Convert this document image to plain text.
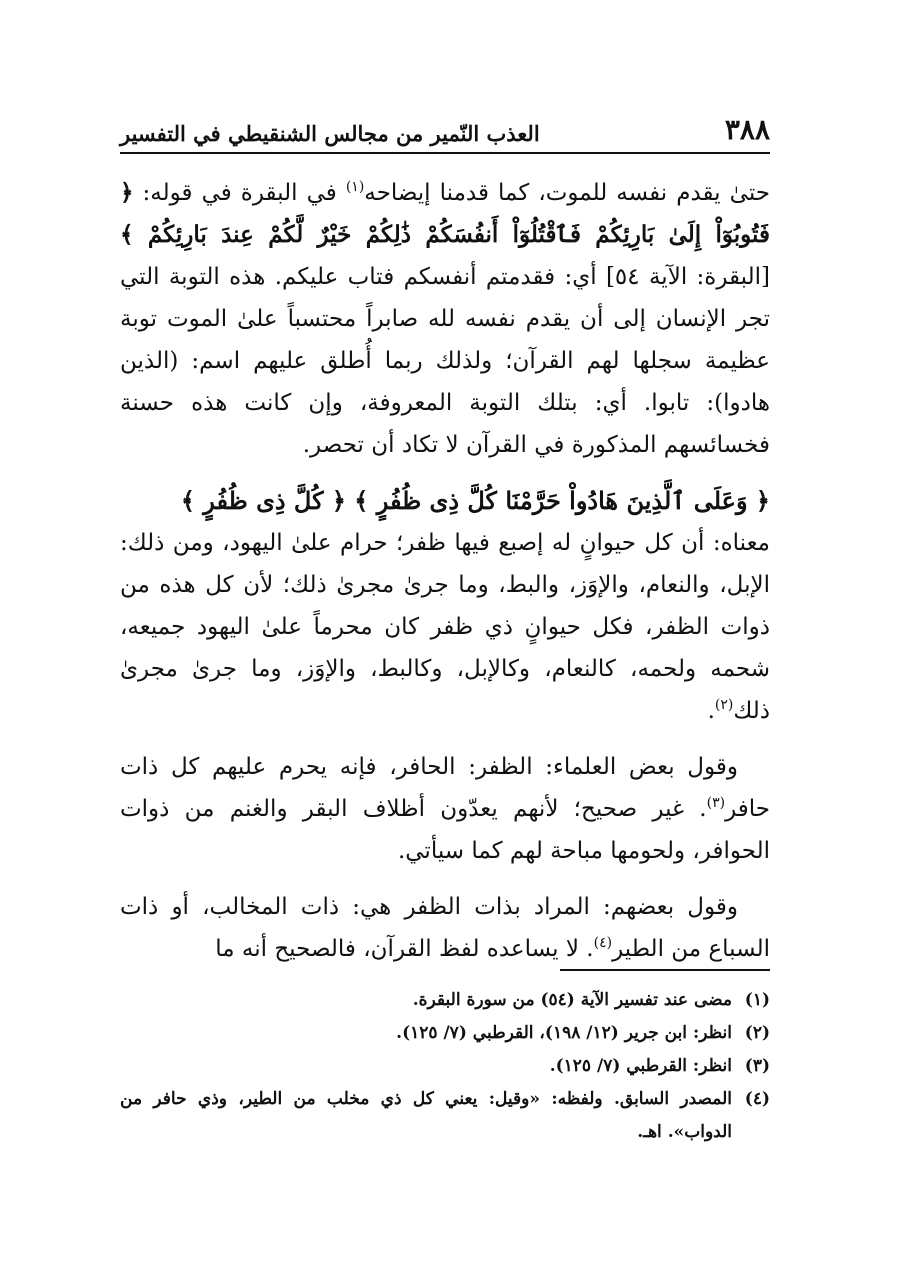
٣٨٨
العذب النّمير من مجالس الشنقيطي في التفسير

حتىٰ يقدم نفسه للموت، كما قدمنا إيضاحه$^{(١)}$ في البقرة في قوله: ﴿ فَتُوبُوٓاْ إِلَىٰ بَارِئِكُمْ فَٱقْتُلُوٓاْ أَنفُسَكُمْ ذَٰلِكُمْ خَيْرٌ لَّكُمْ عِندَ بَارِئِكُمْ ﴾ [البقرة: الآية ٥٤] أي: فقدمتم أنفسكم فتاب عليكم. هذه التوبة التي تجر الإنسان إلى أن يقدم نفسه لله صابراً محتسباً علىٰ الموت توبة عظيمة سجلها لهم القرآن؛ ولذلك ربما أُطلق عليهم اسم: (الذين هادوا): تابوا. أي: بتلك التوبة المعروفة، وإن كانت هذه حسنة فخسائسهم المذكورة في القرآن لا تكاد أن تحصر.

﴿ وَعَلَى ٱلَّذِينَ هَادُواْ حَرَّمْنَا كُلَّ ذِى ظُفُرٍ ﴾ ﴿ كُلَّ ذِى ظُفُرٍ ﴾

معناه: أن كل حيوانٍ له إصبع فيها ظفر؛ حرام علىٰ اليهود، ومن ذلك: الإبل، والنعام، والإوَز، والبط، وما جرىٰ مجرىٰ ذلك؛ لأن كل هذه من ذوات الظفر، فكل حيوانٍ ذي ظفر كان محرماً علىٰ اليهود جميعه، شحمه ولحمه، كالنعام، وكالإبل، وكالبط، والإوَز، وما جرىٰ مجرىٰ ذلك$^{(٢)}$.

وقول بعض العلماء: الظفر: الحافر، فإنه يحرم عليهم كل ذات حافر$^{(٣)}$. غير صحيح؛ لأنهم يعدّون أظلاف البقر والغنم من ذوات الحوافر، ولحومها مباحة لهم كما سيأتي.

وقول بعضهم: المراد بذات الظفر هي: ذات المخالب، أو ذات السباع من الطير$^{(٤)}$. لا يساعده لفظ القرآن، فالصحيح أنه ما

(١)
مضى عند تفسير الآية (٥٤) من سورة البقرة.
(٢)
انظر: ابن جرير (١٢/ ١٩٨)، القرطبي (٧/ ١٢٥).
(٣)
انظر: القرطبي (٧/ ١٢٥).
(٤)
المصدر السابق. ولفظه: «وقيل: يعني كل ذي مخلب من الطير، وذي حافر من الدواب». اهـ.
